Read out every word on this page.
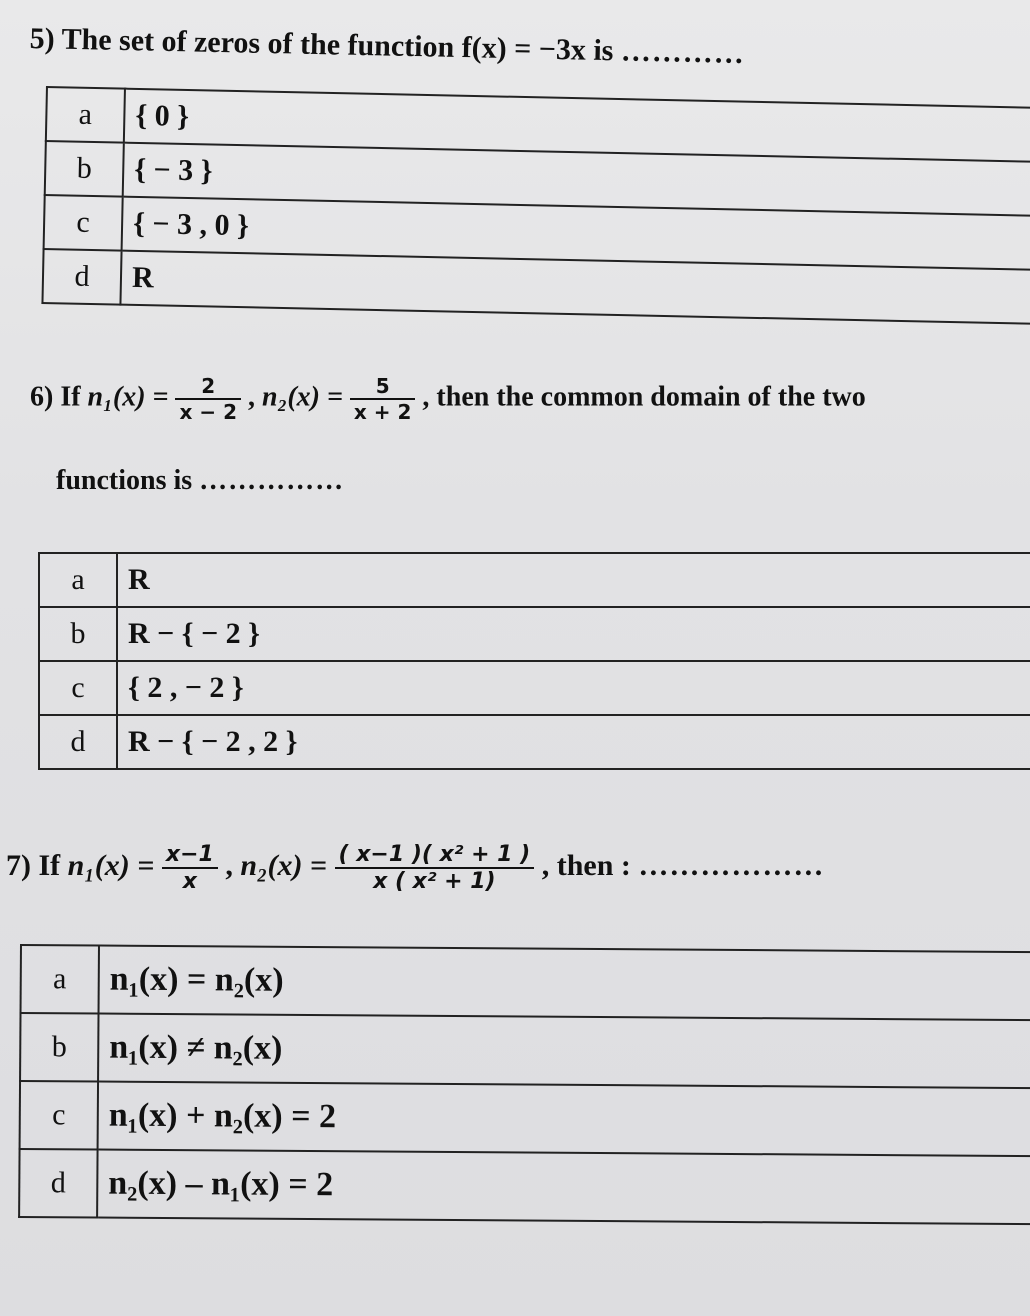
5) The set of zeros of the function f(x) = −3x is …………
a	{ 0 }
b	{ − 3 }
c	{ − 3 , 0 }
d	R
6) If $n_1(x) = \frac{2}{x - 2}$ , $n_2(x) = \frac{5}{x + 2}$ , then the common domain of the two
functions is ……………
a	R
b	R − { − 2 }
c	{ 2 , − 2 }
d	R − { − 2 , 2 }
7) If $n_1(x) = \frac{x-1}{x}$ , $n_2(x) = \frac{\text{( x−1 )( x² + 1 )}}{\text{x ( x² + 1)}}$ , then : ………………
a	n₁(x) = n₂(x)
b	n₁(x) ≠ n₂(x)
c	n₁(x) + n₂(x) = 2
d	n₂(x) – n₁(x) = 2
